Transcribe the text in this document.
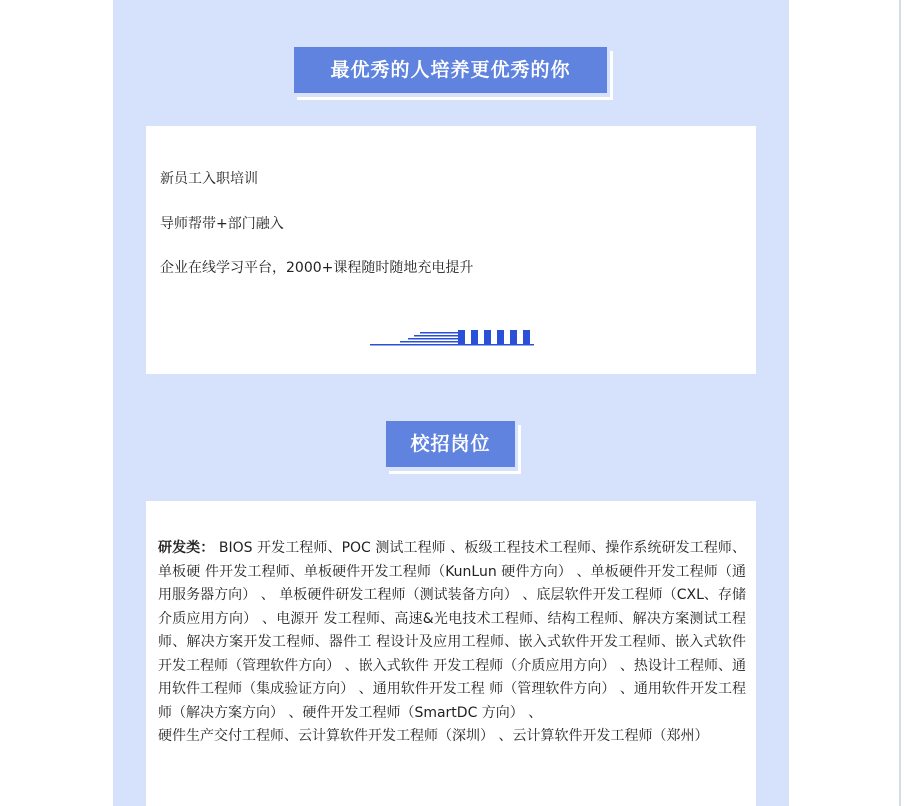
最优秀的人培养更优秀的你
新员工入职培训
导师帮带+部门融入
企业在线学习平台，2000+课程随时随地充电提升
校招岗位
研发类： BIOS 开发工程师、POC 测试工程师 、板级工程技术工程师、操作系统研发工程师、单板硬 件开发工程师、单板硬件开发工程师（KunLun 硬件方向） 、单板硬件开发工程师（通用服务器方向） 、 单板硬件研发工程师（测试装备方向） 、底层软件开发工程师（CXL、存储介质应用方向） 、电源开 发工程师、高速&光电技术工程师、结构工程师、解决方案测试工程师、解决方案开发工程师、器件工 程设计及应用工程师、嵌入式软件开发工程师、嵌入式软件开发工程师（管理软件方向） 、嵌入式软件 开发工程师（介质应用方向） 、热设计工程师、通用软件工程师（集成验证方向） 、通用软件开发工程 师（管理软件方向） 、通用软件开发工程师（解决方案方向） 、硬件开发工程师（SmartDC 方向） 、
硬件生产交付工程师、云计算软件开发工程师（深圳） 、云计算软件开发工程师（郑州）
